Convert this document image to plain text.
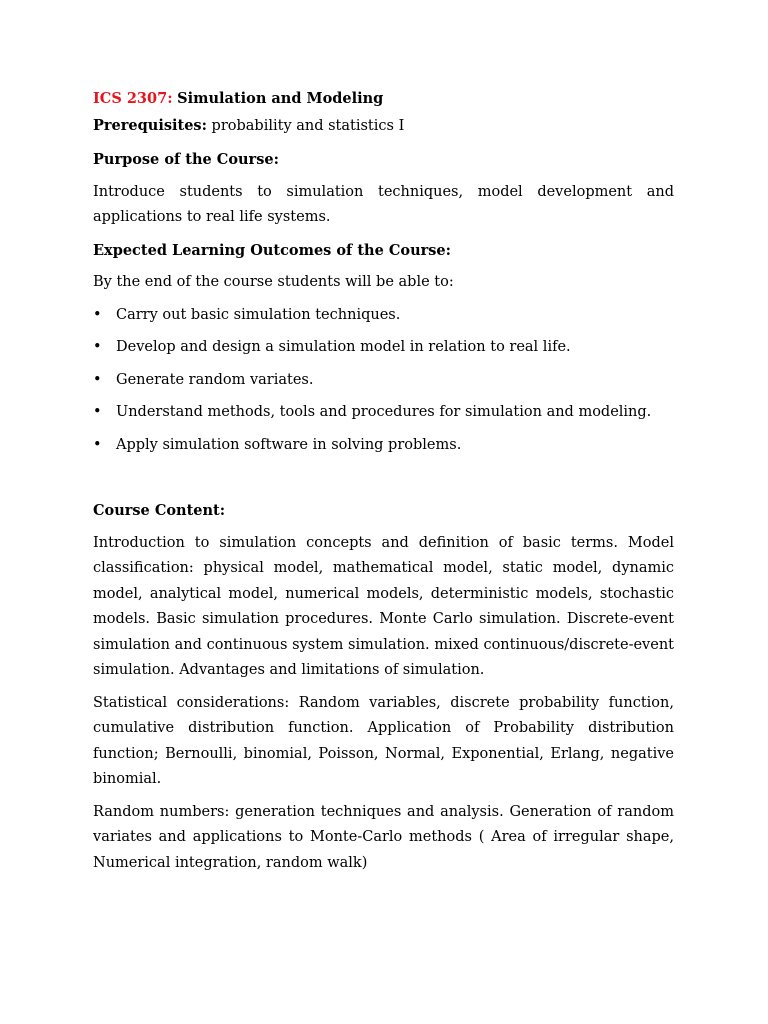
ICS 2307: Simulation and Modeling

Prerequisites: probability and statistics I

Purpose of the Course:

Introduce students to simulation techniques, model development and applications to real life systems.

Expected Learning Outcomes of the Course:

By the end of the course students will be able to:

• Carry out basic simulation techniques.
• Develop and design a simulation model in relation to real life.
• Generate random variates.
• Understand methods, tools and procedures for simulation and modeling.
• Apply simulation software in solving problems.

Course Content:

Introduction to simulation concepts and definition of basic terms. Model classification: physical model, mathematical model, static model, dynamic model, analytical model, numerical models, deterministic models, stochastic models. Basic simulation procedures. Monte Carlo simulation. Discrete-event simulation and continuous system simulation. mixed continuous/discrete-event simulation. Advantages and limitations of simulation.

Statistical considerations: Random variables, discrete probability function, cumulative distribution function. Application of Probability distribution function; Bernoulli, binomial, Poisson, Normal, Exponential, Erlang, negative binomial.

Random numbers: generation techniques and analysis. Generation of random variates and applications to Monte-Carlo methods ( Area of irregular shape, Numerical integration, random walk)
